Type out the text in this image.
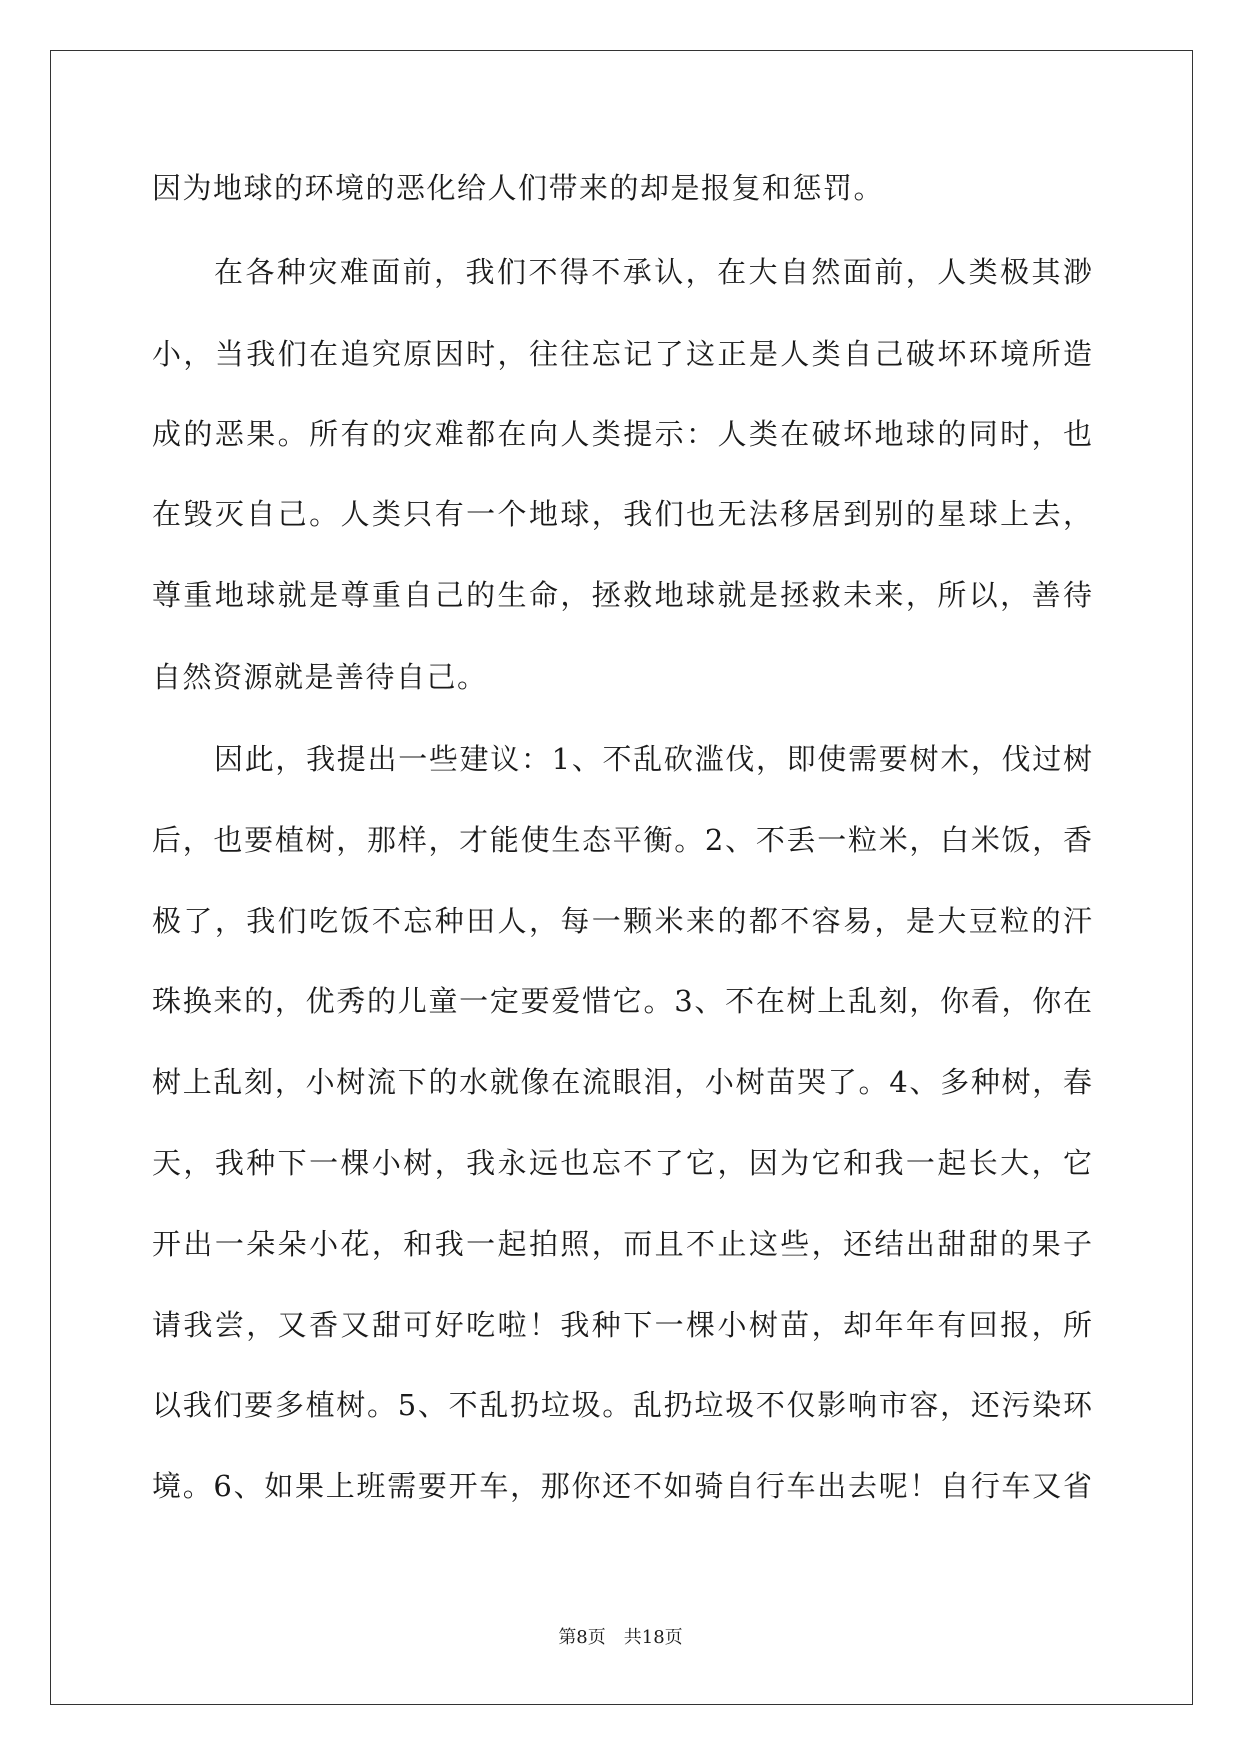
因为地球的环境的恶化给人们带来的却是报复和惩罚。
在各种灾难面前，我们不得不承认，在大自然面前，人类极其渺
小，当我们在追究原因时，往往忘记了这正是人类自己破坏环境所造
成的恶果。所有的灾难都在向人类提示：人类在破坏地球的同时，也
在毁灭自己。人类只有一个地球，我们也无法移居到别的星球上去，
尊重地球就是尊重自己的生命，拯救地球就是拯救未来，所以，善待
自然资源就是善待自己。
因此，我提出一些建议：1、不乱砍滥伐，即使需要树木，伐过树
后，也要植树，那样，才能使生态平衡。2、不丢一粒米，白米饭，香
极了，我们吃饭不忘种田人，每一颗米来的都不容易，是大豆粒的汗
珠换来的，优秀的儿童一定要爱惜它。3、不在树上乱刻，你看，你在
树上乱刻，小树流下的水就像在流眼泪，小树苗哭了。4、多种树，春
天，我种下一棵小树，我永远也忘不了它，因为它和我一起长大，它
开出一朵朵小花，和我一起拍照，而且不止这些，还结出甜甜的果子
请我尝，又香又甜可好吃啦！我种下一棵小树苗，却年年有回报，所
以我们要多植树。5、不乱扔垃圾。乱扔垃圾不仅影响市容，还污染环
境。6、如果上班需要开车，那你还不如骑自行车出去呢！自行车又省
第8页 共18页
